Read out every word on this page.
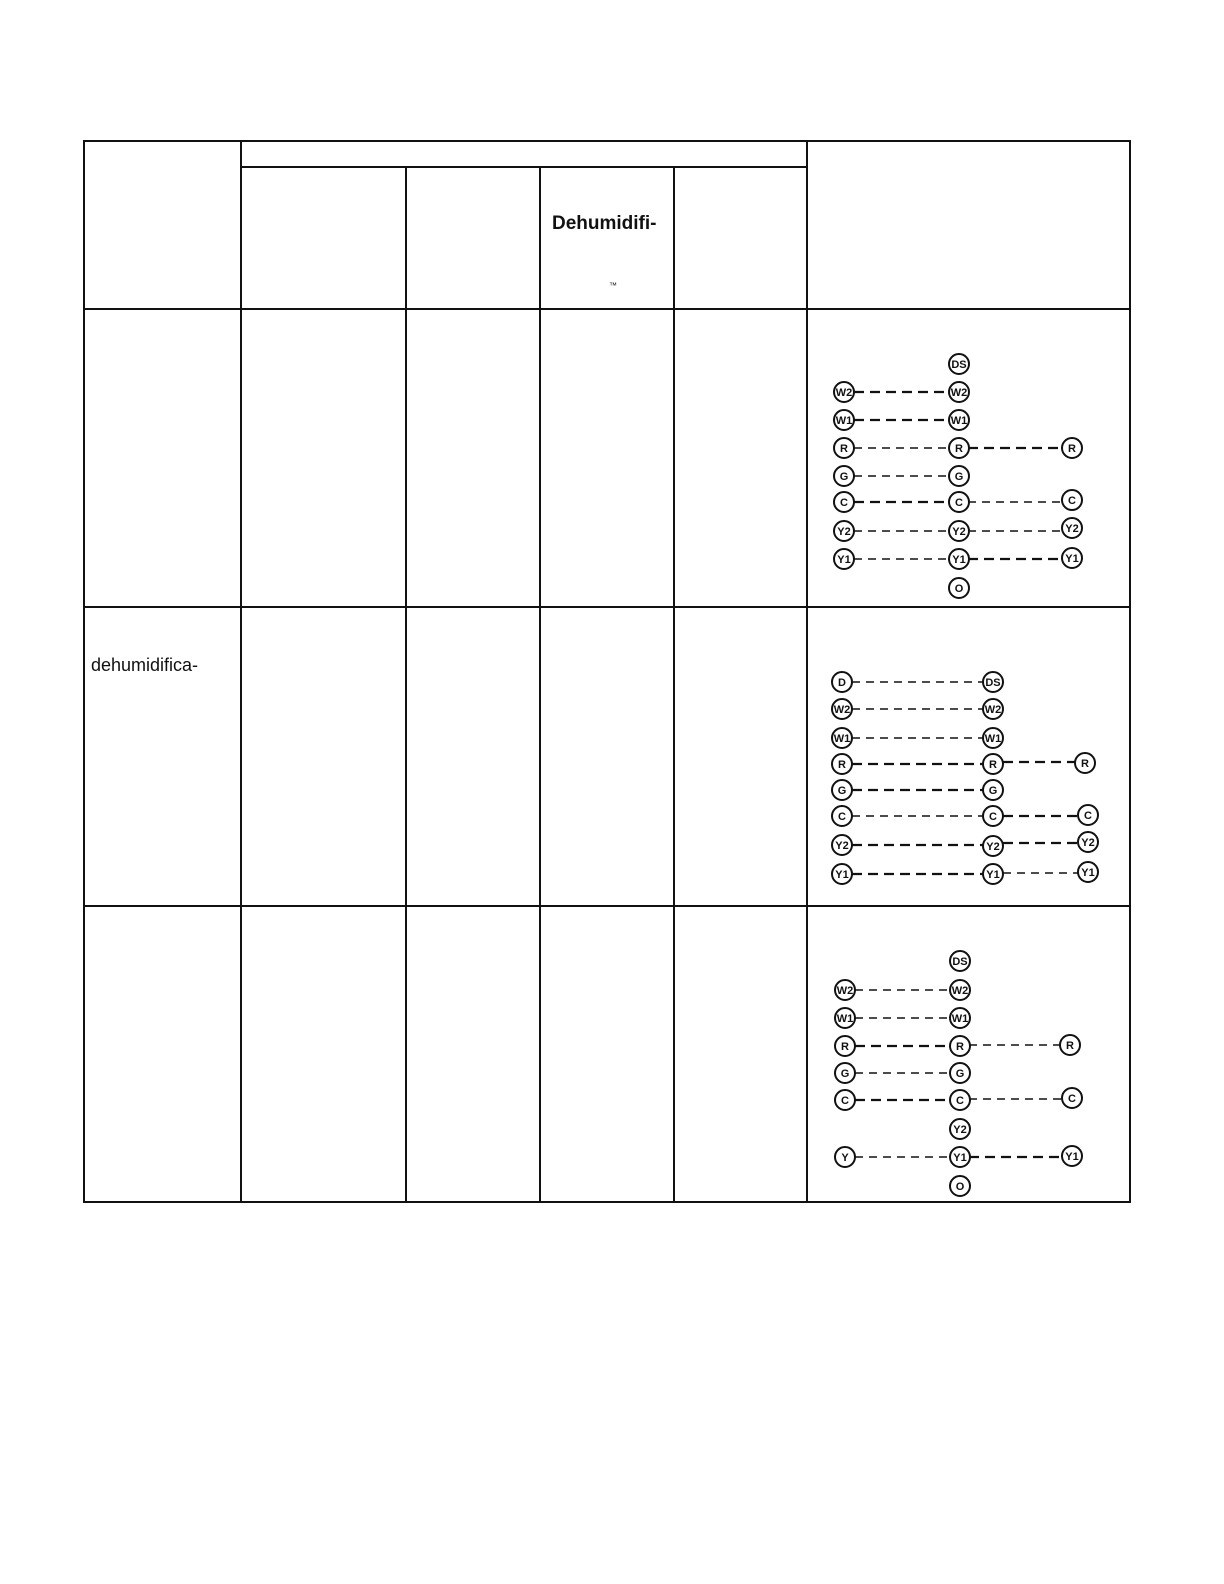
Dehumidifi-
™
dehumidifica-
DS
W2	W2
W1	W1
R	R	R
G	G
C	C	C
Y2	Y2	Y2
Y1	Y1	Y1
O
D	DS
W2	W2
W1	W1
R	R	R
G	G
C	C	C
Y2	Y2	Y2
Y1	Y1	Y1
DS
W2	W2
W1	W1
R	R	R
G	G
C	C	C
Y2
Y	Y1	Y1
O
